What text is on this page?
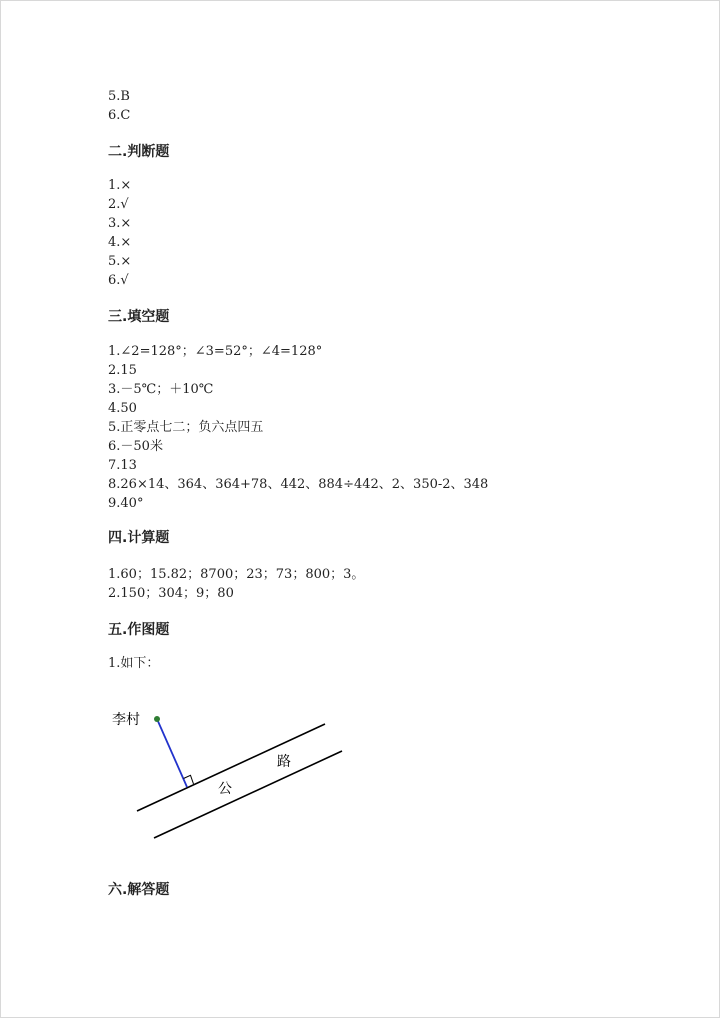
5.B
6.C
二.判断题
1.×
2.√
3.×
4.×
5.×
6.√
三.填空题
1.∠2=128°；∠3=52°；∠4=128°
2.15
3.－5℃；＋10℃
4.50
5.正零点七二；负六点四五
6.－50米
7.13
8.26×14、364、364+78、442、884÷442、2、350-2、348
9.40°
四.计算题
1.60；15.82；8700；23；73；800；3。
2.150；304；9；80
五.作图题
1.如下：
六.解答题
李村
公
路
